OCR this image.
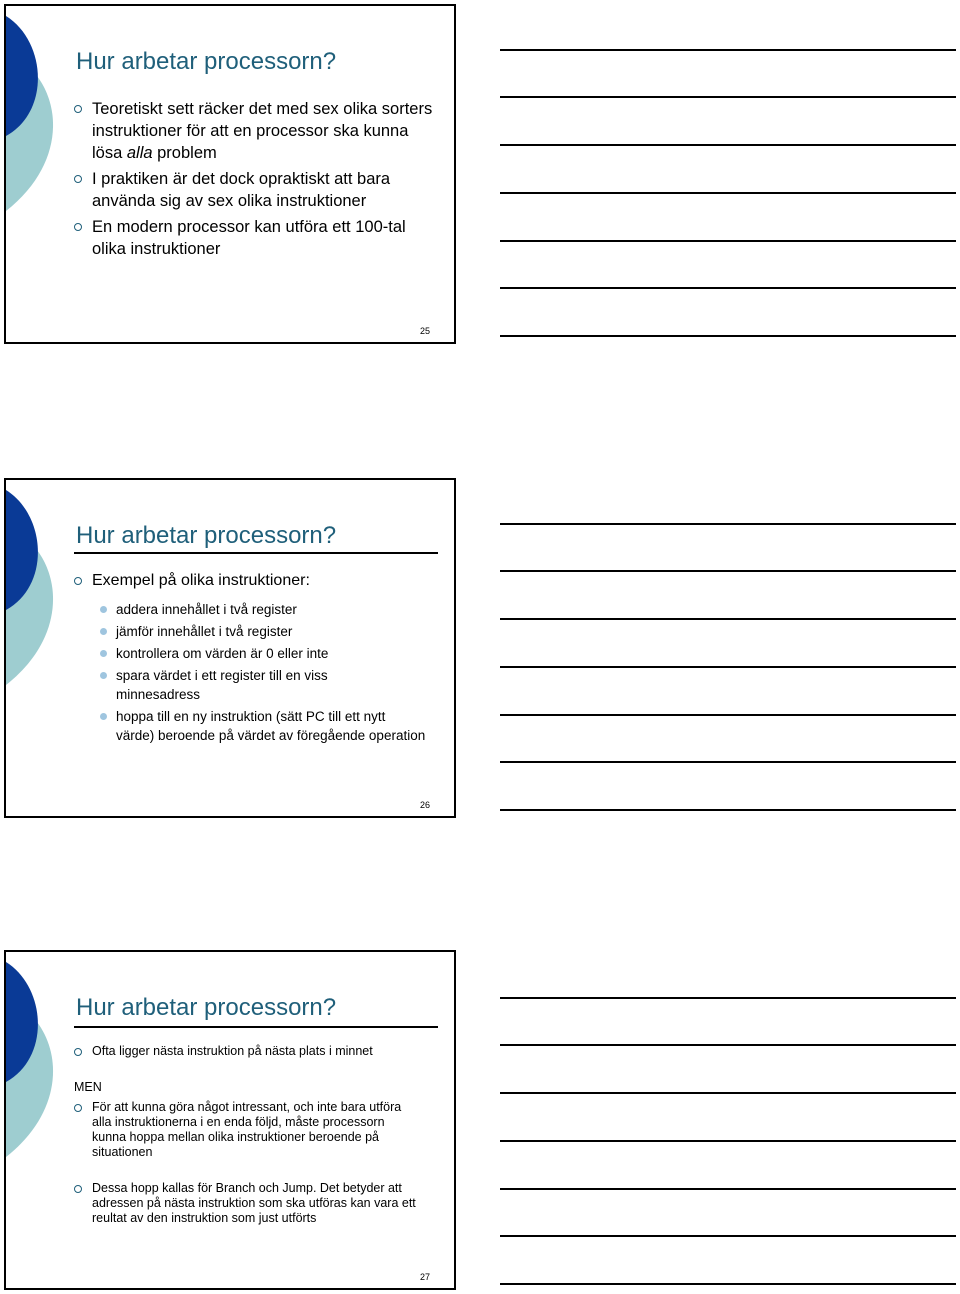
Hur arbetar processorn?
Teoretiskt sett räcker det med sex olika sorters instruktioner för att en processor ska kunna lösa alla problem
I praktiken är det dock opraktiskt att bara använda sig av sex olika instruktioner
En modern processor kan utföra ett 100-tal olika instruktioner
25
Hur arbetar processorn?
Exempel på olika instruktioner:
addera innehållet i två register
jämför innehållet i två register
kontrollera om värden är 0 eller inte
spara värdet i ett register till en viss minnesadress
hoppa till en ny instruktion (sätt PC till ett nytt värde) beroende på värdet av föregående operation
26
Hur arbetar processorn?
Ofta ligger nästa instruktion på nästa plats i minnet
MEN
För att kunna göra något intressant, och inte bara utföra alla instruktionerna i en enda följd, måste processorn kunna hoppa mellan olika instruktioner beroende på situationen
Dessa hopp kallas för Branch och Jump. Det betyder att adressen på nästa instruktion som ska utföras kan vara ett reultat av den instruktion som just utförts
27
